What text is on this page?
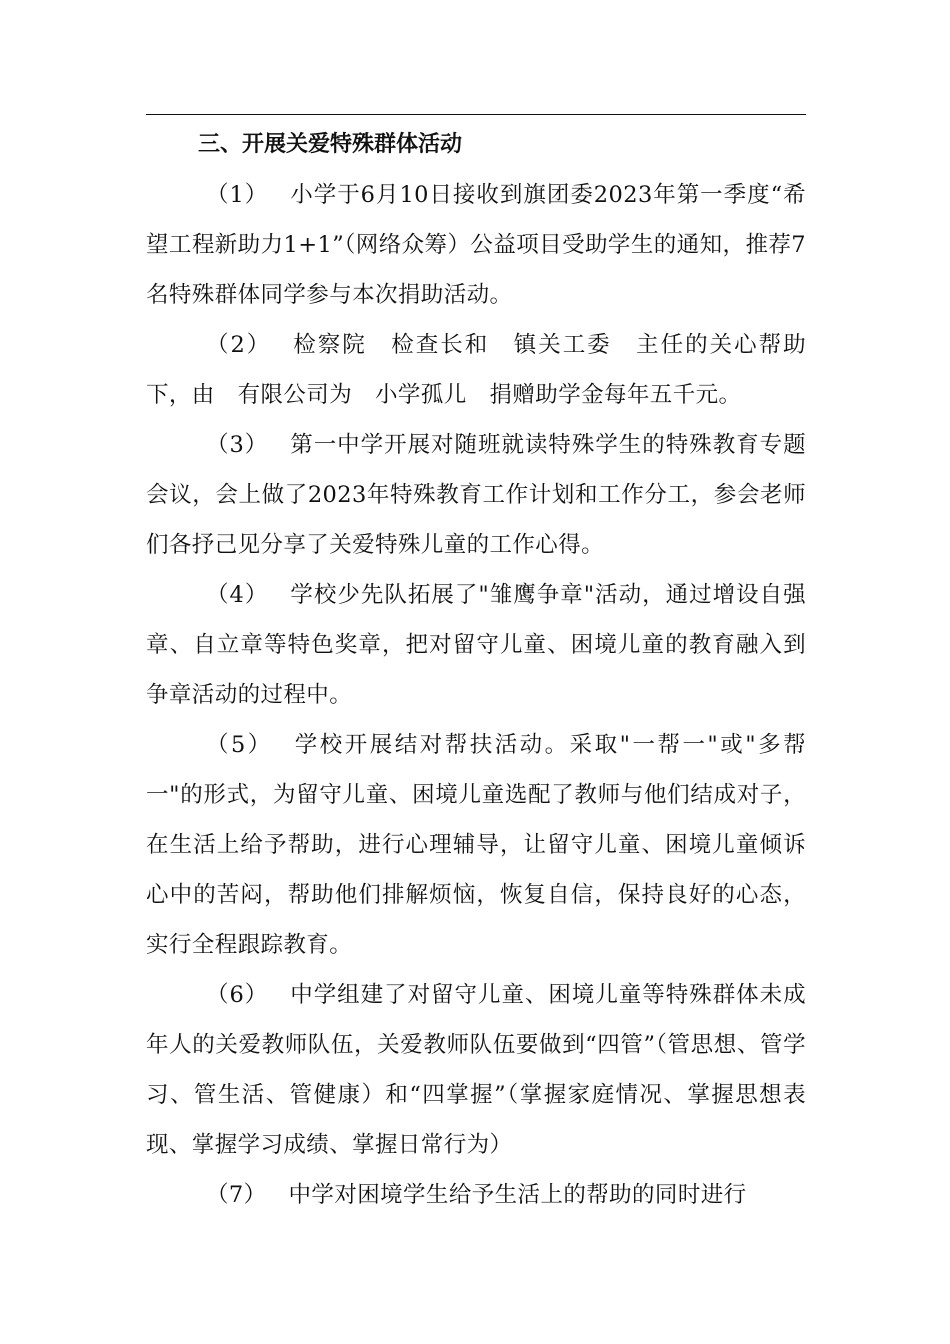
三、开展关爱特殊群体活动

（1） 小学于6月10日接收到旗团委2023年第一季度“希望工程新助力1+1”（网络众筹）公益项目受助学生的通知，推荐7名特殊群体同学参与本次捐助活动。

（2） 检察院　检查长和　镇关工委　主任的关心帮助下，由　有限公司为　小学孤儿　捐赠助学金每年五千元。

（3） 第一中学开展对随班就读特殊学生的特殊教育专题会议，会上做了2023年特殊教育工作计划和工作分工，参会老师们各抒己见分享了关爱特殊儿童的工作心得。

（4） 学校少先队拓展了"雏鹰争章"活动，通过增设自强章、自立章等特色奖章，把对留守儿童、困境儿童的教育融入到争章活动的过程中。

（5） 学校开展结对帮扶活动。采取"一帮一"或"多帮一"的形式，为留守儿童、困境儿童选配了教师与他们结成对子，在生活上给予帮助，进行心理辅导，让留守儿童、困境儿童倾诉心中的苦闷，帮助他们排解烦恼，恢复自信，保持良好的心态，实行全程跟踪教育。

（6） 中学组建了对留守儿童、困境儿童等特殊群体未成年人的关爱教师队伍，关爱教师队伍要做到“四管”（管思想、管学习、管生活、管健康）和“四掌握”（掌握家庭情况、掌握思想表现、掌握学习成绩、掌握日常行为）

（7） 中学对困境学生给予生活上的帮助的同时进行
